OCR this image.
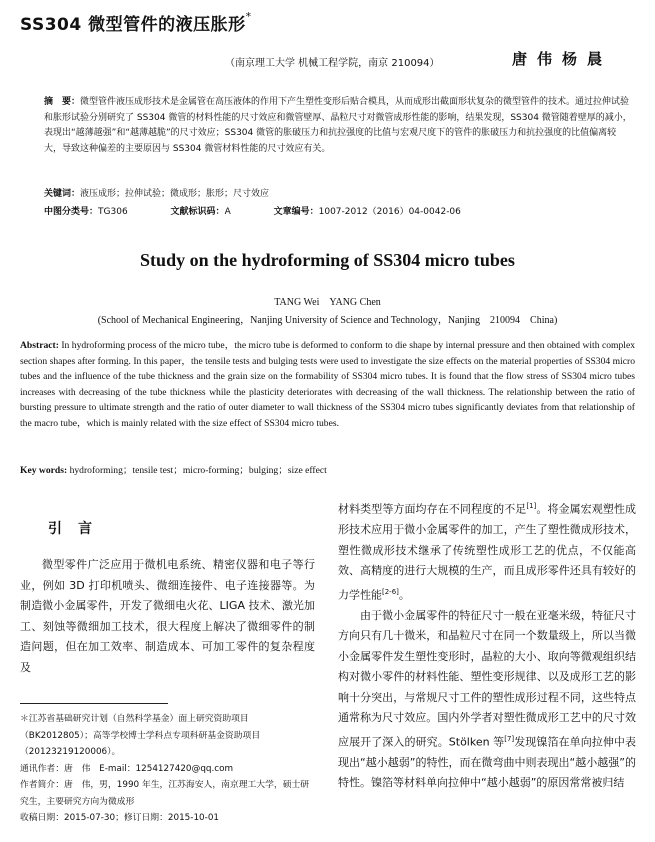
SS304 微型管件的液压胀形*
（南京理工大学 机械工程学院，南京 210094）	唐伟杨晨
摘　要：微型管件液压成形技术是金属管在高压液体的作用下产生塑性变形后贴合模具，从而成形出截面形状复杂的微型管件的技术。通过拉伸试验和胀形试验分别研究了 SS304 微管的材料性能的尺寸效应和微管壁厚、晶粒尺寸对微管成形性能的影响，结果发现，SS304 微管随着壁厚的减小，表现出“越薄越强”和“越薄越脆”的尺寸效应；SS304 微管的胀破压力和抗拉强度的比值与宏观尺度下的管件的胀破压力和抗拉强度的比值偏离较大，导致这种偏差的主要原因与 SS304 微管材料性能的尺寸效应有关。
关键词：液压成形；拉伸试验；微成形；胀形；尺寸效应
中图分类号：TG306	文献标识码：A	文章编号：1007-2012（2016）04-0042-06
Study on the hydroforming of SS304 micro tubes
TANG Wei　YANG Chen
(School of Mechanical Engineering，Nanjing University of Science and Technology，Nanjing　210094　China)
Abstract: In hydroforming process of the micro tube，the micro tube is deformed to conform to die shape by internal pressure and then obtained with complex section shapes after forming. In this paper，the tensile tests and bulging tests were used to investigate the size effects on the material properties of SS304 micro tubes and the influence of the tube thickness and the grain size on the formability of SS304 micro tubes. It is found that the flow stress of SS304 micro tubes increases with decreasing of the tube thickness while the plasticity deteriorates with decreasing of the wall thickness. The relationship between the ratio of bursting pressure to ultimate strength and the ratio of outer diameter to wall thickness of the SS304 micro tubes significantly deviates from that relationship of the macro tube，which is mainly related with the size effect of SS304 micro tubes.
Key words: hydroforming；tensile test；micro-forming；bulging；size effect
引言

微型零件广泛应用于微机电系统、精密仪器和电子等行业，例如 3D 打印机喷头、微细连接件、电子连接器等。为制造微小金属零件，开发了微细电火花、LIGA 技术、激光加工、刻蚀等微细加工技术，很大程度上解决了微细零件的制造问题，但在加工效率、制造成本、可加工零件的复杂程度及

＊江苏省基础研究计划（自然科学基金）面上研究资助项目（BK2012805）；高等学校博士学科点专项科研基金资助项目（20123219120006）。
通讯作者：唐　伟　E-mail：1254127420@qq.com
作者简介：唐　伟，男，1990 年生，江苏海安人，南京理工大学，硕士研究生，主要研究方向为微成形
收稿日期：2015-07-30；修订日期：2015-10-01

材料类型等方面均存在不同程度的不足[1]。将金属宏观塑性成形技术应用于微小金属零件的加工，产生了塑性微成形技术，塑性微成形技术继承了传统塑性成形工艺的优点，不仅能高效、高精度的进行大规模的生产，而且成形零件还具有较好的力学性能[2-6]。

由于微小金属零件的特征尺寸一般在亚毫米级，特征尺寸方向只有几十微米，和晶粒尺寸在同一个数量级上，所以当微小金属零件发生塑性变形时，晶粒的大小、取向等微观组织结构对微小零件的材料性能、塑性变形规律、以及成形工艺的影响十分突出，与常规尺寸工件的塑性成形过程不同，这些特点通常称为尺寸效应。国内外学者对塑性微成形工艺中的尺寸效应展开了深入的研究。Stölken 等[7]发现镍箔在单向拉伸中表现出“越小越弱”的特性，而在微弯曲中则表现出“越小越强”的特性。镍箔等材料单向拉伸中“越小越弱”的原因常常被归结
